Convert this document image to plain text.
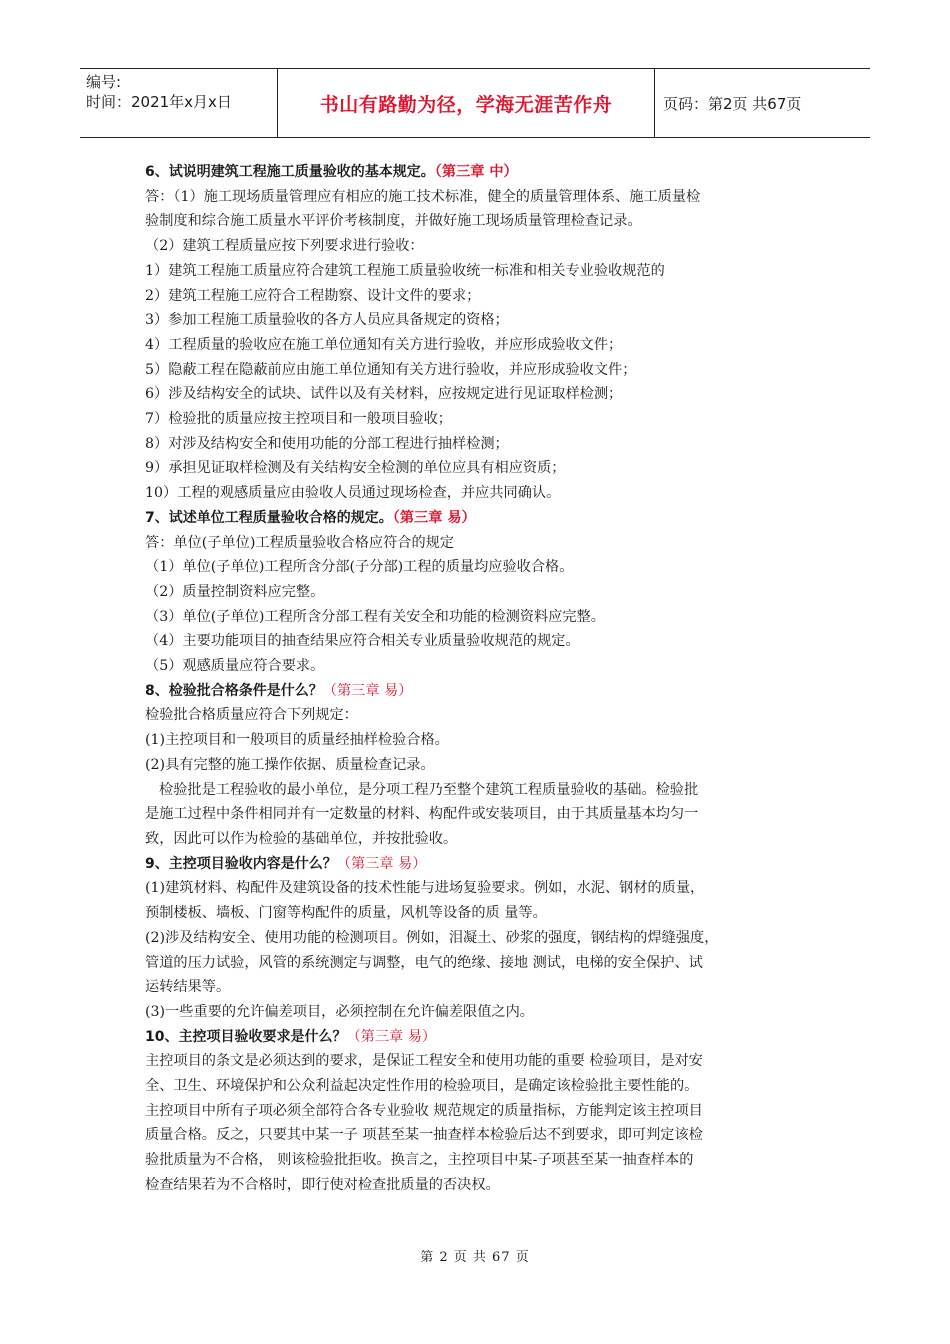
编号:
时间：2021年x月x日	书山有路勤为径，学海无涯苦作舟	页码：第2页 共67页
6、试说明建筑工程施工质量验收的基本规定。（第三章 中）
答：（1）施工现场质量管理应有相应的施工技术标准，健全的质量管理体系、施工质量检
验制度和综合施工质量水平评价考核制度，并做好施工现场质量管理检查记录。
（2）建筑工程质量应按下列要求进行验收：
1）建筑工程施工质量应符合建筑工程施工质量验收统一标准和相关专业验收规范的
2）建筑工程施工应符合工程勘察、设计文件的要求；
3）参加工程施工质量验收的各方人员应具备规定的资格；
4）工程质量的验收应在施工单位通知有关方进行验收，并应形成验收文件；
5）隐蔽工程在隐蔽前应由施工单位通知有关方进行验收，并应形成验收文件；
6）涉及结构安全的试块、试件以及有关材料，应按规定进行见证取样检测；
7）检验批的质量应按主控项目和一般项目验收；
8）对涉及结构安全和使用功能的分部工程进行抽样检测；
9）承担见证取样检测及有关结构安全检测的单位应具有相应资质；
10）工程的观感质量应由验收人员通过现场检查，并应共同确认。
7、试述单位工程质量验收合格的规定。（第三章 易）
答：单位(子单位)工程质量验收合格应符合的规定
（1）单位(子单位)工程所含分部(子分部)工程的质量均应验收合格。
（2）质量控制资料应完整。
（3）单位(子单位)工程所含分部工程有关安全和功能的检测资料应完整。
（4）主要功能项目的抽查结果应符合相关专业质量验收规范的规定。
（5）观感质量应符合要求。
8、检验批合格条件是什么？（第三章 易）
检验批合格质量应符合下列规定：
(1)主控项目和一般项目的质量经抽样检验合格。
(2)具有完整的施工操作依据、质量检查记录。
检验批是工程验收的最小单位，是分项工程乃至整个建筑工程质量验收的基础。检验批
是施工过程中条件相同并有一定数量的材料、构配件或安装项目，由于其质量基本均匀一
致，因此可以作为检验的基础单位，并按批验收。
9、主控项目验收内容是什么？（第三章 易）
(1)建筑材料、构配件及建筑设备的技术性能与进场复验要求。例如，水泥、钢材的质量，
预制楼板、墙板、门窗等构配件的质量，风机等设备的质 量等。
(2)涉及结构安全、使用功能的检测项目。例如，泪凝土、砂浆的强度，钢结构的焊缝强度，
管道的压力试验，风管的系统测定与调整，电气的绝缘、接地 测试，电梯的安全保护、试
运转结果等。
(3)一些重要的允许偏差项目，必须控制在允许偏差限值之内。
10、主控项目验收要求是什么？（第三章 易）
主控项目的条文是必须达到的要求，是保证工程安全和使用功能的重要 检验项目，是对安
全、卫生、环境保护和公众利益起决定性作用的检验项目，是确定该检验批主要性能的。
主控项目中所有子项必须全部符合各专业验收 规范规定的质量指标，方能判定该主控项目
质量合格。反之，只要其中某一子 项甚至某一抽查样本检验后达不到要求，即可判定该检
验批质量为不合格， 则该检验批拒收。换言之，主控项目中某-子项甚至某一抽查样本的
检查结果若为不合格时，即行使对检查批质量的否决权。
第 2 页 共 67 页
